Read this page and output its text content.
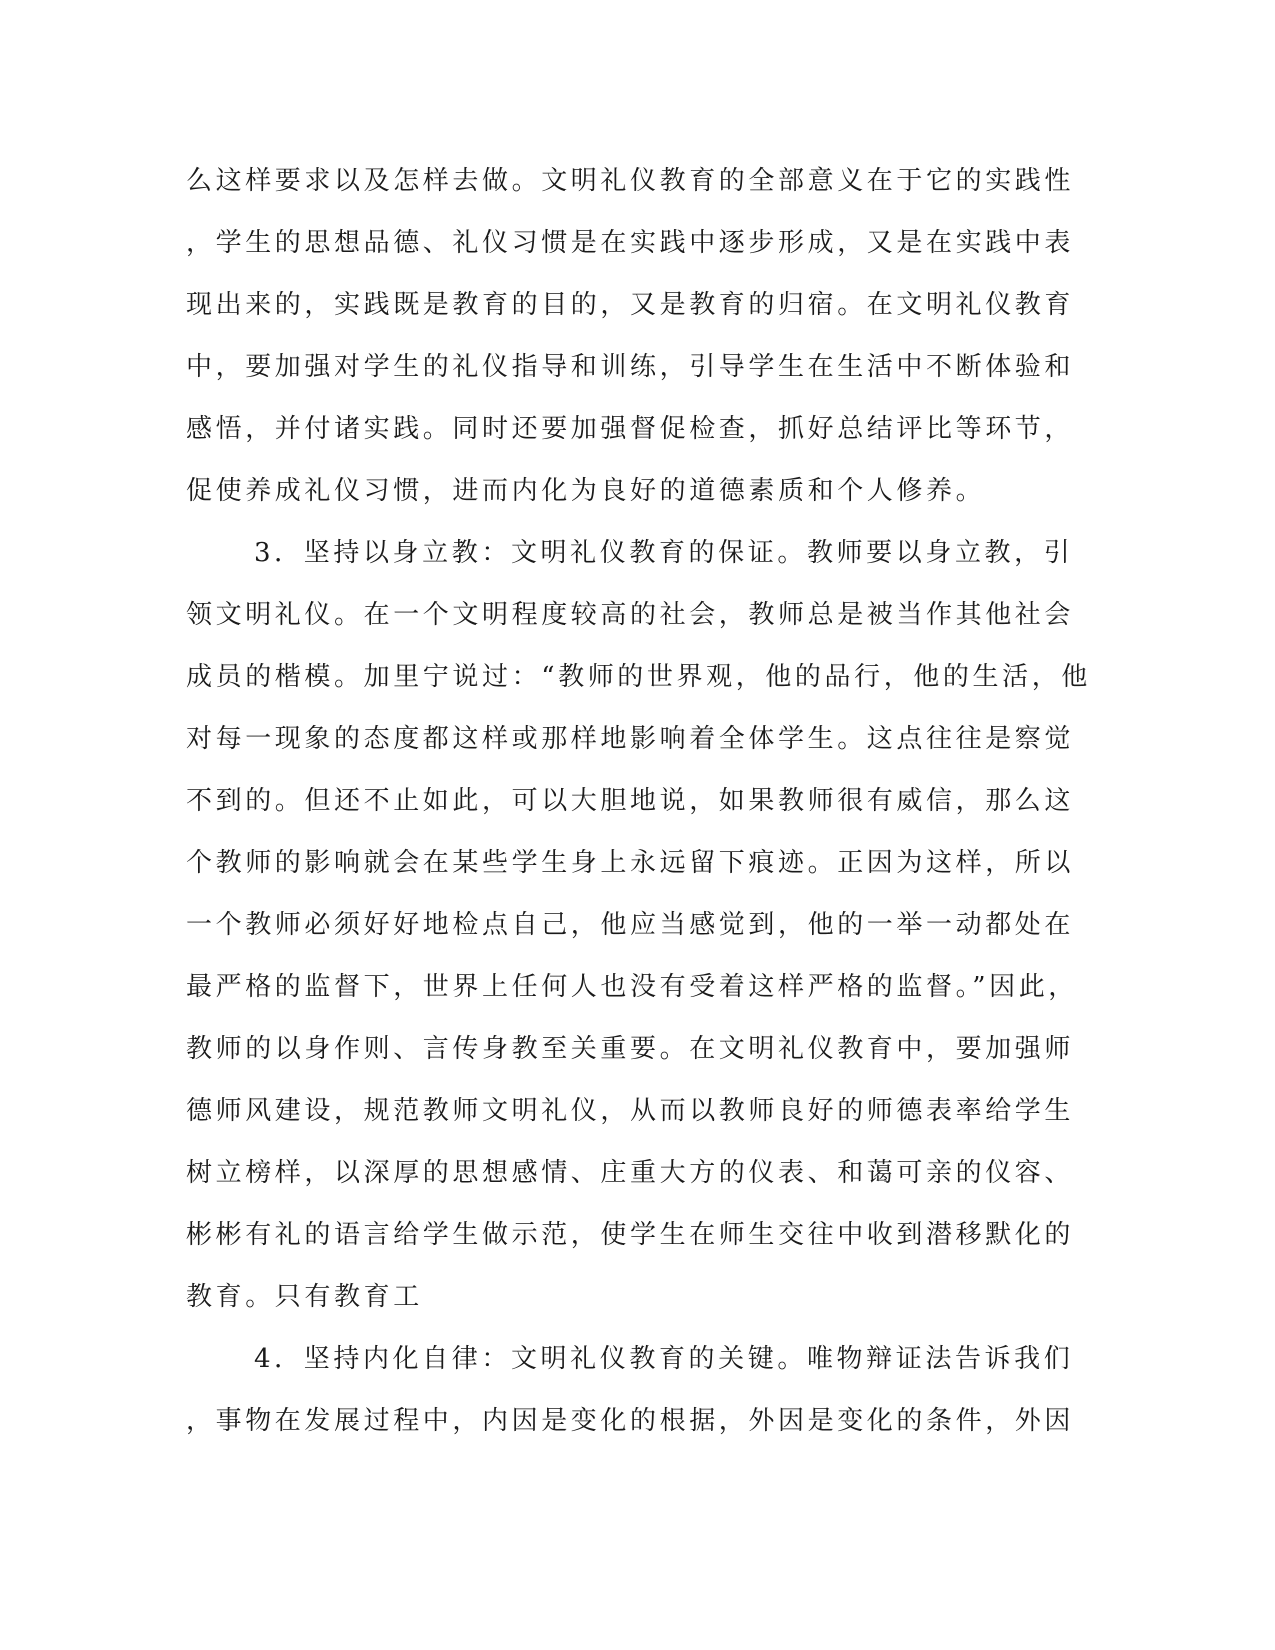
么这样要求以及怎样去做。文明礼仪教育的全部意义在于它的实践性
，学生的思想品德、礼仪习惯是在实践中逐步形成，又是在实践中表
现出来的，实践既是教育的目的，又是教育的归宿。在文明礼仪教育
中，要加强对学生的礼仪指导和训练，引导学生在生活中不断体验和
感悟，并付诸实践。同时还要加强督促检查，抓好总结评比等环节，
促使养成礼仪习惯，进而内化为良好的道德素质和个人修养。
3．坚持以身立教：文明礼仪教育的保证。教师要以身立教，引
领文明礼仪。在一个文明程度较高的社会，教师总是被当作其他社会
成员的楷模。加里宁说过：“教师的世界观，他的品行，他的生活，他
对每一现象的态度都这样或那样地影响着全体学生。这点往往是察觉
不到的。但还不止如此，可以大胆地说，如果教师很有威信，那么这
个教师的影响就会在某些学生身上永远留下痕迹。正因为这样，所以
一个教师必须好好地检点自己，他应当感觉到，他的一举一动都处在
最严格的监督下，世界上任何人也没有受着这样严格的监督。”因此，
教师的以身作则、言传身教至关重要。在文明礼仪教育中，要加强师
德师风建设，规范教师文明礼仪，从而以教师良好的师德表率给学生
树立榜样，以深厚的思想感情、庄重大方的仪表、和蔼可亲的仪容、
彬彬有礼的语言给学生做示范，使学生在师生交往中收到潜移默化的
教育。只有教育工
4．坚持内化自律：文明礼仪教育的关键。唯物辩证法告诉我们
，事物在发展过程中，内因是变化的根据，外因是变化的条件，外因
